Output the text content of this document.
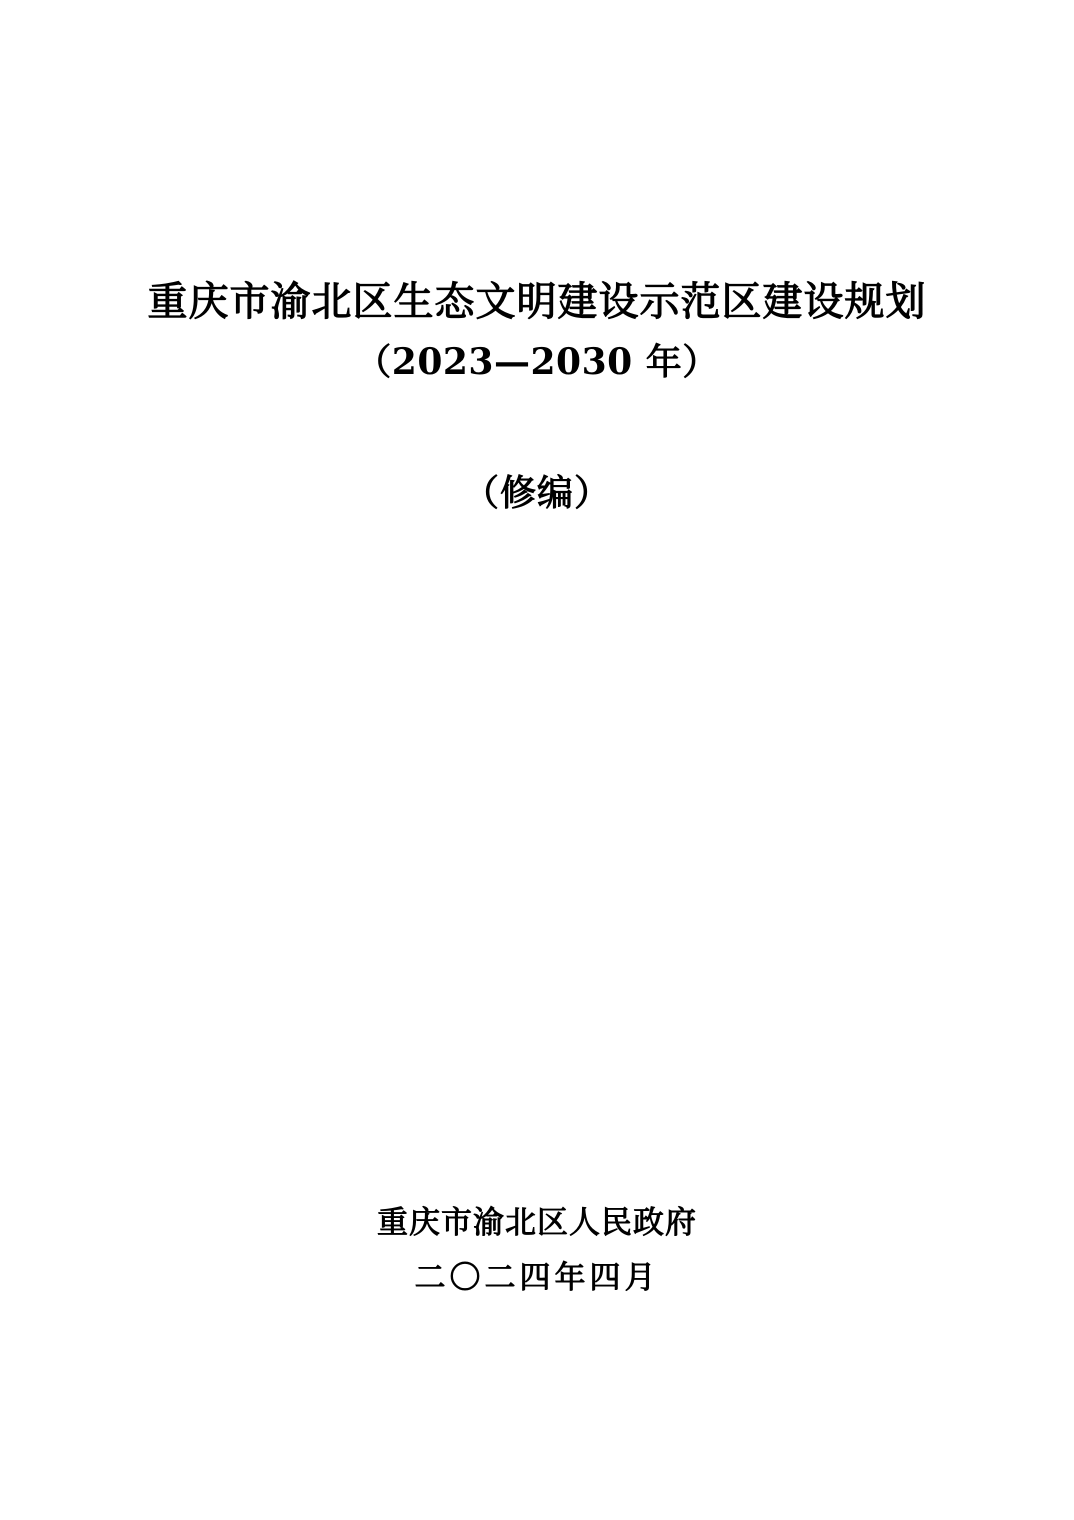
重庆市渝北区生态文明建设示范区建设规划

（2023—2030 年）

（修编）

重庆市渝北区人民政府

二〇二四年四月
